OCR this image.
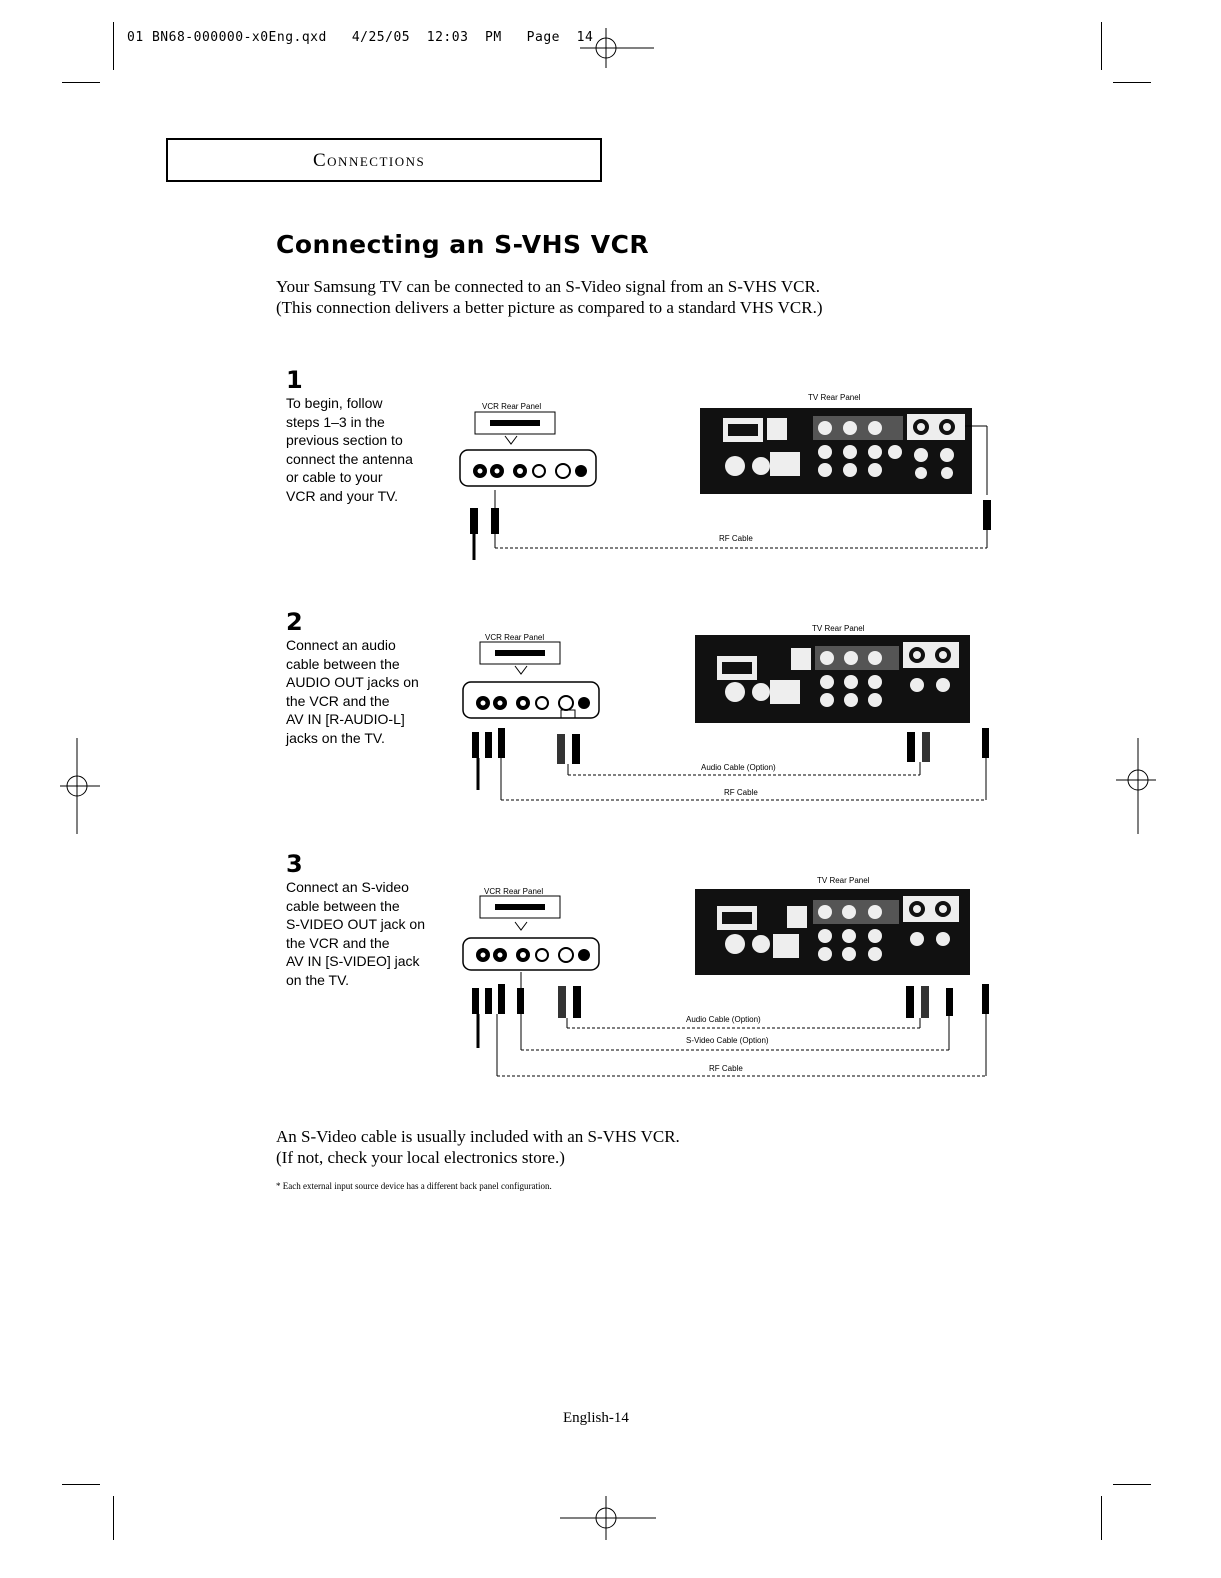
01 BN68-000000-x0Eng.qxd   4/25/05  12:03  PM   Page  14
Connections
Connecting an S-VHS VCR
Your Samsung TV can be connected to an S-Video signal from an S-VHS VCR.
(This connection delivers a better picture as compared to a standard VHS VCR.)
1
To begin, follow
steps 1–3 in the
previous section to
connect the antenna
or cable to your
VCR and your TV.
VCR Rear Panel
TV Rear Panel
RF Cable
2
Connect an audio
cable between the
AUDIO OUT jacks on
the VCR and the
AV IN [R-AUDIO-L]
jacks on the TV.
VCR Rear Panel
TV Rear Panel
Audio Cable (Option)
RF Cable
3
Connect an S-video
cable between the
S-VIDEO OUT jack on
the VCR and the
AV IN [S-VIDEO] jack
on the TV.
VCR Rear Panel
TV Rear Panel
Audio Cable (Option)
S-Video Cable (Option)
RF Cable
An S-Video cable is usually included with an S-VHS VCR.
(If not, check your local electronics store.)
* Each external input source device has a different back panel configuration.
English-14
